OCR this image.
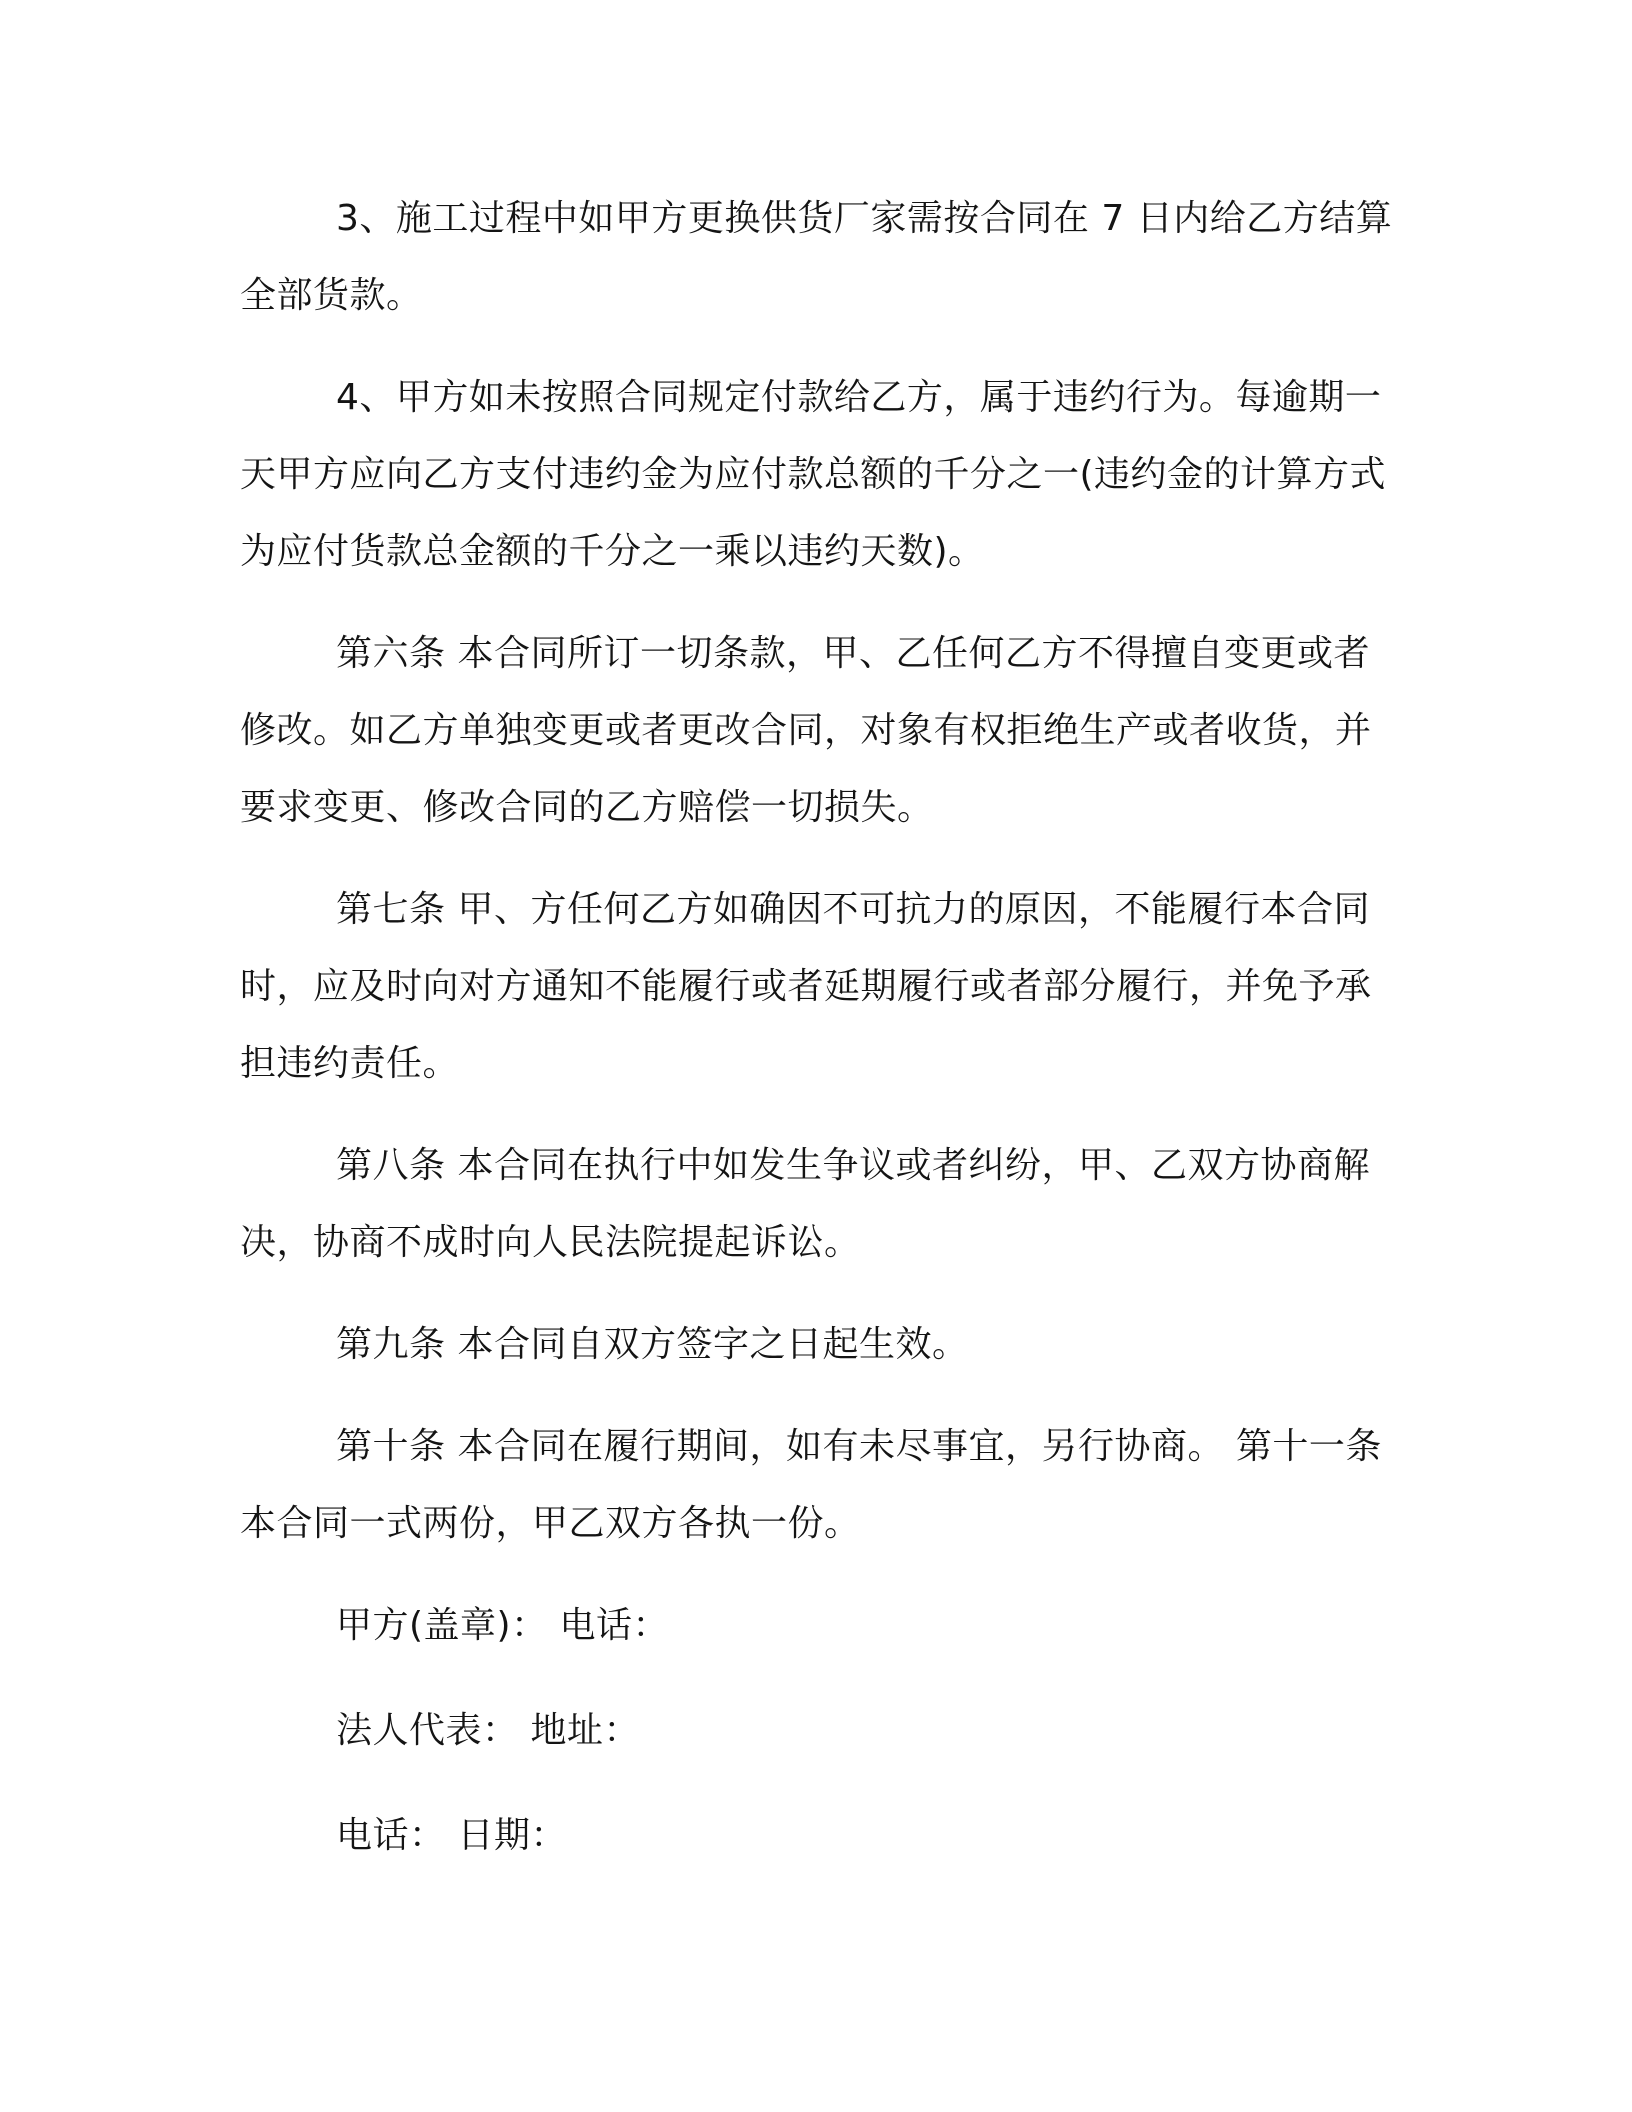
3、施工过程中如甲方更换供货厂家需按合同在 7 日内给乙方结算全部货款。

4、甲方如未按照合同规定付款给乙方，属于违约行为。每逾期一天甲方应向乙方支付违约金为应付款总额的千分之一(违约金的计算方式为应付货款总金额的千分之一乘以违约天数)。

第六条 本合同所订一切条款，甲、乙任何乙方不得擅自变更或者修改。如乙方单独变更或者更改合同，对象有权拒绝生产或者收货，并要求变更、修改合同的乙方赔偿一切损失。

第七条 甲、方任何乙方如确因不可抗力的原因，不能履行本合同时，应及时向对方通知不能履行或者延期履行或者部分履行，并免予承担违约责任。

第八条 本合同在执行中如发生争议或者纠纷，甲、乙双方协商解决，协商不成时向人民法院提起诉讼。

第九条 本合同自双方签字之日起生效。

第十条 本合同在履行期间，如有未尽事宜，另行协商。 第十一条 本合同一式两份，甲乙双方各执一份。

甲方(盖章)： 电话：

法人代表： 地址：

电话： 日期：
